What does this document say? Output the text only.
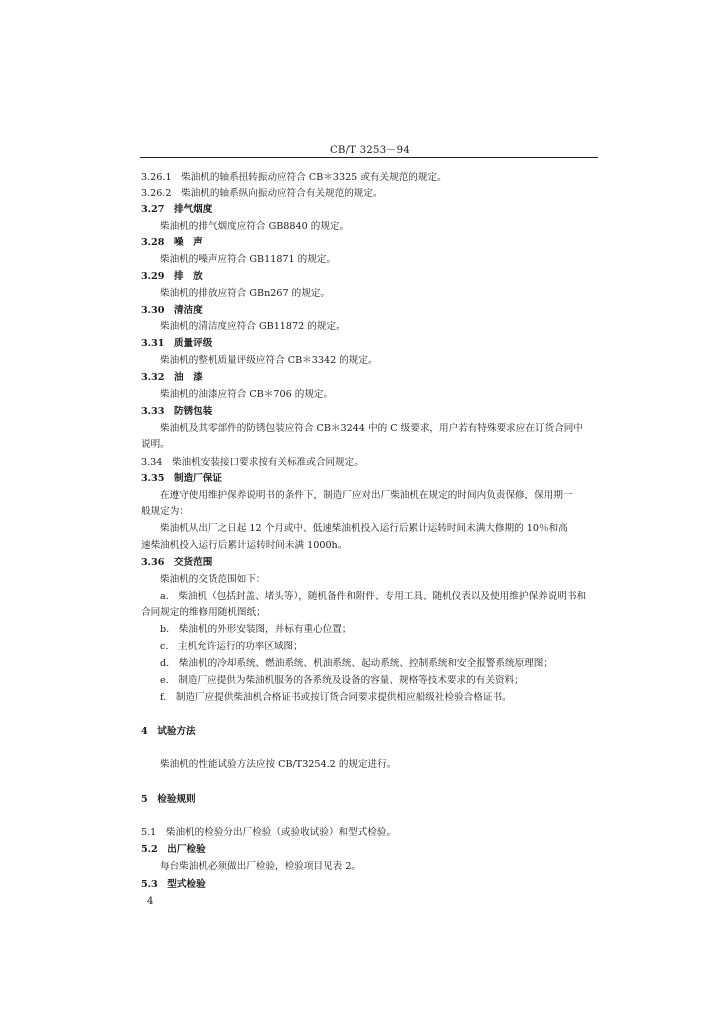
CB/T 3253－94
3.26.1　柴油机的轴系扭转振动应符合 CB＊3325 或有关规范的规定。
3.26.2　柴油机的轴系纵向振动应符合有关规范的规定。
3.27　排气烟度
柴油机的排气烟度应符合 GB8840 的规定。
3.28　噪　声
柴油机的噪声应符合 GB11871 的规定。
3.29　排　放
柴油机的排放应符合 GBn267 的规定。
3.30　清洁度
柴油机的清洁度应符合 GB11872 的规定。
3.31　质量评级
柴油机的整机质量评级应符合 CB＊3342 的规定。
3.32　油　漆
柴油机的油漆应符合 CB＊706 的规定。
3.33　防锈包装
柴油机及其零部件的防锈包装应符合 CB＊3244 中的 C 级要求，用户若有特殊要求应在订货合同中
说明。
3.34　柴油机安装接口要求按有关标准或合同规定。
3.35　制造厂保证
在遵守使用维护保养说明书的条件下，制造厂应对出厂柴油机在规定的时间内负责保修，保用期一
般规定为：
柴油机从出厂之日起 12 个月或中、低速柴油机投入运行后累计运转时间未满大修期的 10％和高
速柴油机投入运行后累计运转时间未满 1000h。
3.36　交货范围
柴油机的交货范围如下：
a.　柴油机（包括封盖、堵头等），随机备件和附件、专用工具、随机仪表以及使用维护保养说明书和
合同规定的维修用随机图纸；
b.　柴油机的外形安装图，并标有重心位置；
c.　主机允许运行的功率区域图；
d.　柴油机的冷却系统、燃油系统、机油系统、起动系统、控制系统和安全报警系统原理图；
e.　制造厂应提供为柴油机服务的各系统及设备的容量、规格等技术要求的有关资料；
f.　制造厂应提供柴油机合格证书或按订货合同要求提供相应船级社检验合格证书。
4　试验方法
柴油机的性能试验方法应按 CB/T3254.2 的规定进行。
5　检验规则
5.1　柴油机的检验分出厂检验（或验收试验）和型式检验。
5.2　出厂检验
每台柴油机必须做出厂检验，检验项目见表 2。
5.3　型式检验
4
